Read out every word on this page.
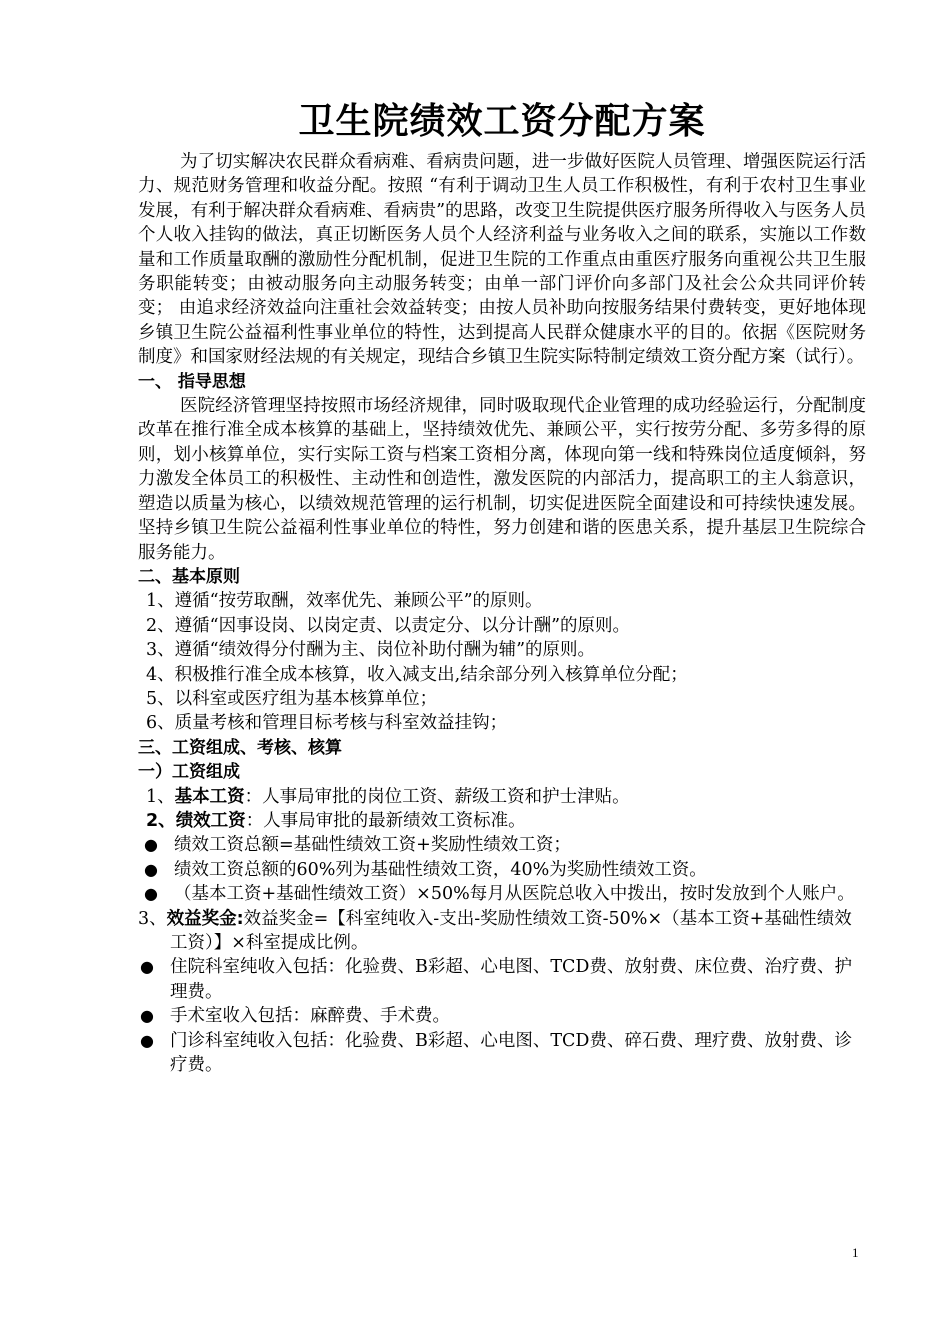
卫生院绩效工资分配方案

为了切实解决农民群众看病难、看病贵问题，进一步做好医院人员管理、增强医院运行活力、规范财务管理和收益分配。按照 “有利于调动卫生人员工作积极性，有利于农村卫生事业发展，有利于解决群众看病难、看病贵”的思路，改变卫生院提供医疗服务所得收入与医务人员个人收入挂钩的做法，真正切断医务人员个人经济利益与业务收入之间的联系，实施以工作数量和工作质量取酬的激励性分配机制，促进卫生院的工作重点由重医疗服务向重视公共卫生服务职能转变；由被动服务向主动服务转变；由单一部门评价向多部门及社会公众共同评价转变； 由追求经济效益向注重社会效益转变；由按人员补助向按服务结果付费转变，更好地体现乡镇卫生院公益福利性事业单位的特性，达到提高人民群众健康水平的目的。依据《医院财务制度》和国家财经法规的有关规定，现结合乡镇卫生院实际特制定绩效工资分配方案（试行）。

一、 指导思想

医院经济管理坚持按照市场经济规律，同时吸取现代企业管理的成功经验运行，分配制度改革在推行准全成本核算的基础上，坚持绩效优先、兼顾公平，实行按劳分配、多劳多得的原则，划小核算单位，实行实际工资与档案工资相分离，体现向第一线和特殊岗位适度倾斜，努力激发全体员工的积极性、主动性和创造性，激发医院的内部活力，提高职工的主人翁意识，塑造以质量为核心，以绩效规范管理的运行机制，切实促进医院全面建设和可持续快速发展。坚持乡镇卫生院公益福利性事业单位的特性，努力创建和谐的医患关系，提升基层卫生院综合服务能力。

二、基本原则
1、遵循“按劳取酬，效率优先、兼顾公平”的原则。
2、遵循“因事设岗、以岗定责、以责定分、以分计酬”的原则。
3、遵循“绩效得分付酬为主、岗位补助付酬为辅”的原则。
4、积极推行准全成本核算，收入减支出,结余部分列入核算单位分配；
5、以科室或医疗组为基本核算单位；
6、质量考核和管理目标考核与科室效益挂钩；
三、工资组成、考核、核算
一）工资组成
1、基本工资：人事局审批的岗位工资、薪级工资和护士津贴。
2、绩效工资：人事局审批的最新绩效工资标准。
● 绩效工资总额=基础性绩效工资+奖励性绩效工资；
● 绩效工资总额的60%列为基础性绩效工资，40%为奖励性绩效工资。
● （基本工资+基础性绩效工资）×50%每月从医院总收入中拨出，按时发放到个人账户。
3、效益奖金:效益奖金=【科室纯收入-支出-奖励性绩效工资-50%×（基本工资+基础性绩效工资）】×科室提成比例。
● 住院科室纯收入包括：化验费、B彩超、心电图、TCD费、放射费、床位费、治疗费、护理费。
● 手术室收入包括：麻醉费、手术费。
● 门诊科室纯收入包括：化验费、B彩超、心电图、TCD费、碎石费、理疗费、放射费、诊疗费。
1
